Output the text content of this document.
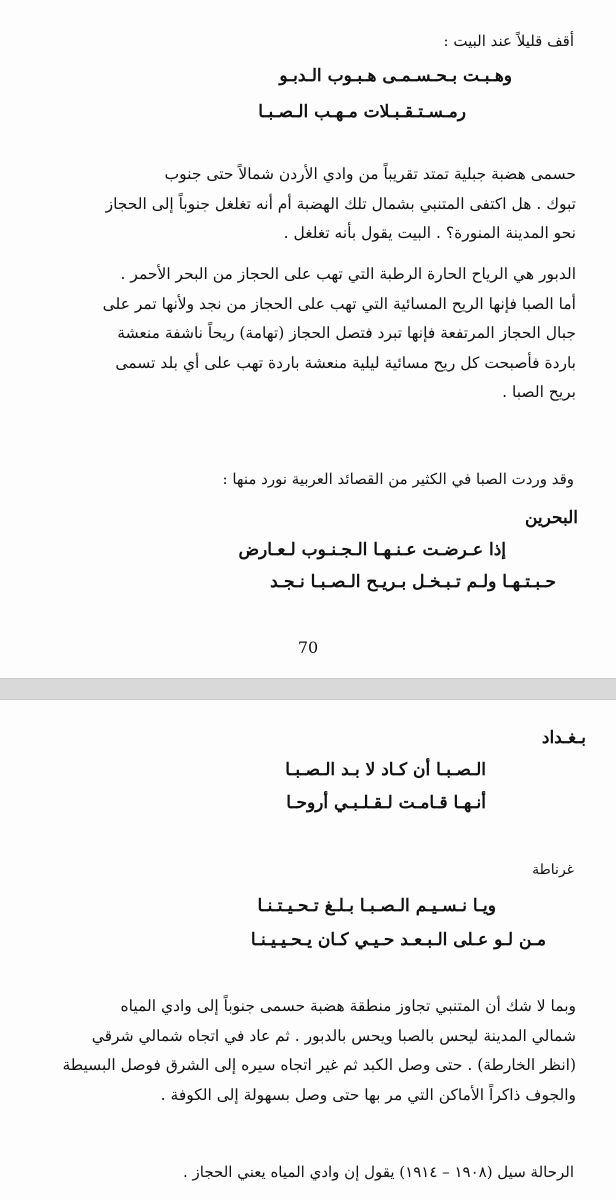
أقف قليلاً عند البيت :
وهـبـت بـحـسـمـى هـبـوب الـدبـو
رمـسـتـقـبـلات مـهـب الـصـبـا
حسمى هضبة جبلية تمتد تقريباً من وادي الأردن شمالاً حتى جنوب
تبوك . هل اكتفى المتنبي بشمال تلك الهضبة أم أنه تغلغل جنوباً إلى الحجاز
نحو المدينة المنورة؟ . البيت يقول بأنه تغلغل .
الدبور هي الرياح الحارة الرطبة التي تهب على الحجاز من البحر الأحمر .
أما الصبا فإنها الريح المسائية التي تهب على الحجاز من نجد ولأنها تمر على
جبال الحجاز المرتفعة فإنها تبرد فتصل الحجاز (تهامة) ريحاً ناشفة منعشة
باردة فأصبحت كل ريح مسائية ليلية منعشة باردة تهب على أي بلد تسمى
بريح الصبا .
وقد وردت الصبا في الكثير من القصائد العربية نورد منها :
البحرين
إذا عـرضـت عـنـهـا الـجـنـوب لـعـارض
حـبـتـهـا ولـم تـبـخـل بـريـح الـصـبـا نـجـد
70
بـغـداد
الـصـبـا أن كـاد لا بـد الـصـبـا
أنـهـا قـامـت لـقـلـبـي أروحـا
غرناطة
ويـا نـسـيـم الـصـبـا بـلـغ تـحـيـتـنـا
مـن لـو عـلى الـبـعـد حـيـي كـان يـحـيـيـنـا
وبما لا شك أن المتنبي تجاوز منطقة هضبة حسمى جنوباً إلى وادي المياه
شمالي المدينة ليحس بالصبا ويحس بالدبور . ثم عاد في اتجاه شمالي شرقي
(انظر الخارطة) . حتى وصل الكبد ثم غير اتجاه سيره إلى الشرق فوصل البسيطة
والجوف ذاكراً الأماكن التي مر بها حتى وصل بسهولة إلى الكوفة .
الرحالة سيل (١٩٠٨ – ١٩١٤) يقول إن وادي المياه يعني الحجاز .
